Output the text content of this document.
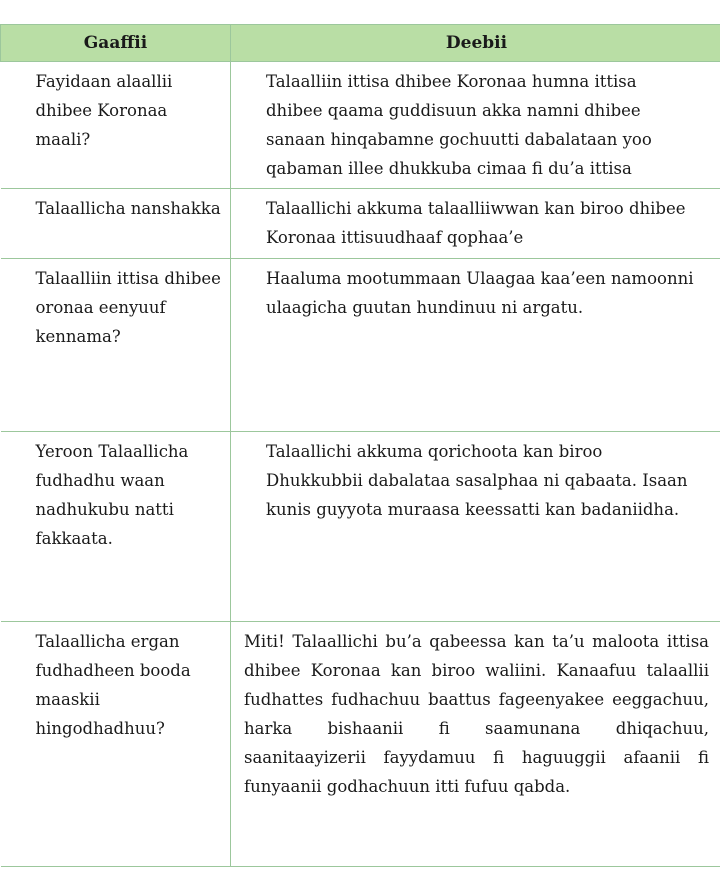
Gaaffii	Deebii

Fayidaan alaallii dhibee Koronaa maali?	Talaalliin ittisa dhibee Koronaa humna ittisa dhibee qaama guddisuun akka namni dhibee sanaan hinqabamne gochuutti dabalataan yoo qabaman illee dhukkuba cimaa fi du’a ittisa

Talaallicha nanshakka	Talaallichi akkuma talaalliiwwan kan biroo dhibee Koronaa ittisuudhaaf qophaa’e

Talaalliin ittisa dhibee oronaa eenyuuf kennama?	Haaluma mootummaan Ulaagaa kaa’een namoonni ulaagicha guutan hundinuu ni argatu.

Yeroon Talaallicha fudhadhu waan nadhukubu natti fakkaata.	Talaallichi akkuma qorichoota kan biroo Dhukkubbii dabalataa sasalphaa ni qabaata. Isaan kunis guyyota muraasa keessatti kan badaniidha.

Talaallicha ergan fudhadheen booda maaskii hingodhadhuu?	Miti! Talaallichi bu’a qabeessa kan ta’u maloota ittisa dhibee Koronaa kan biroo waliini. Kanaafuu talaallii fudhattes fudhachuu baattus fageenyakee eeggachuu, harka bishaanii fi saamunana dhiqachuu, saanitaayizerii fayydamuu fi haguuggii afaanii fi funyaanii godhachuun itti fufuu qabda.
